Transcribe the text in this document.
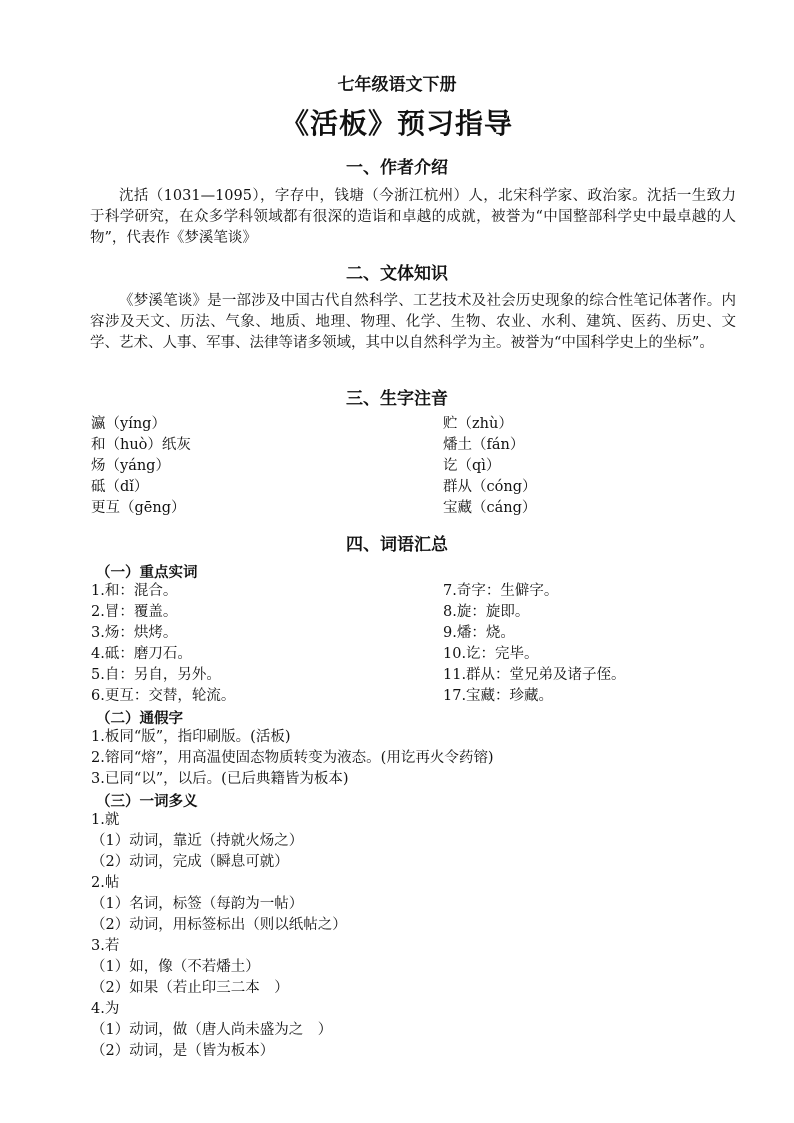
七年级语文下册
《活板》预习指导
一、作者介绍
沈括（1031—1095），字存中，钱塘（今浙江杭州）人，北宋科学家、政治家。沈括一生致力于科学研究，在众多学科领域都有很深的造诣和卓越的成就，被誉为“中国整部科学史中最卓越的人物”，代表作《梦溪笔谈》
二、文体知识
《梦溪笔谈》是一部涉及中国古代自然科学、工艺技术及社会历史现象的综合性笔记体著作。内容涉及天文、历法、气象、地质、地理、物理、化学、生物、农业、水利、建筑、医药、历史、文学、艺术、人事、军事、法律等诸多领域，其中以自然科学为主。被誉为“中国科学史上的坐标”。
三、生字注音
瀛（yíng）
和（huò）纸灰
炀（yáng）
砥（dǐ）
更互（gēng）
贮（zhù）
燔土（fán）
讫（qì）
群从（cóng）
宝藏（cáng）
四、词语汇总
（一）重点实词
1.和：混合。
2.冒：覆盖。
3.炀：烘烤。
4.砥：磨刀石。
5.自：另自，另外。
6.更互：交替，轮流。
7.奇字：生僻字。
8.旋：旋即。
9.燔：烧。
10.讫：完毕。
11.群从：堂兄弟及诸子侄。
17.宝藏：珍藏。
（二）通假字
1.板同“版”，指印刷版。(活板)
2.镕同“熔”，用高温使固态物质转变为液态。(用讫再火令药镕)
3.已同“以”，以后。(已后典籍皆为板本)
（三）一词多义
1.就
（1）动词，靠近（持就火炀之）
（2）动词，完成（瞬息可就）
2.帖
（1）名词，标签（每韵为一帖）
（2）动词，用标签标出（则以纸帖之）
3.若
（1）如，像（不若燔土）
（2）如果（若止印三二本　）
4.为
（1）动词，做（唐人尚未盛为之　）
（2）动词，是（皆为板本）
